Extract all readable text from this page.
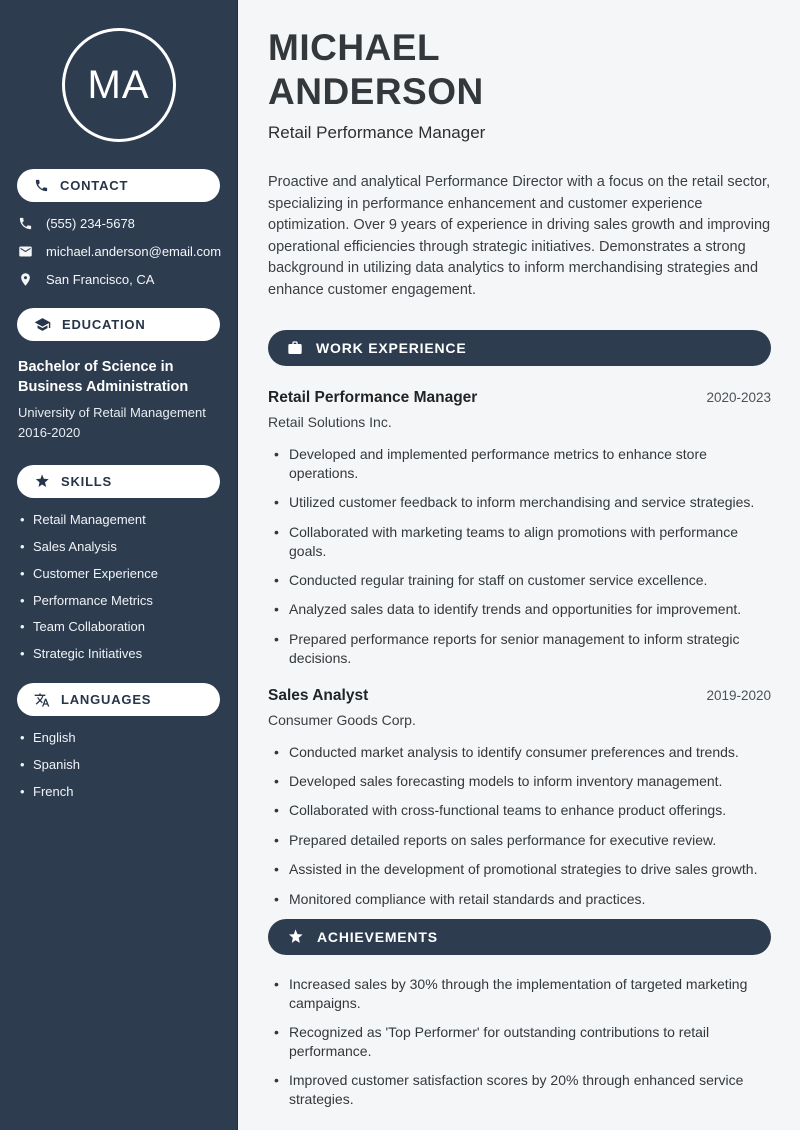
MA
CONTACT
(555) 234-5678
michael.anderson@email.com
San Francisco, CA
EDUCATION
Bachelor of Science in Business Administration
University of Retail Management
2016-2020
SKILLS
• Retail Management
• Sales Analysis
• Customer Experience
• Performance Metrics
• Team Collaboration
• Strategic Initiatives
LANGUAGES
• English
• Spanish
• French
MICHAEL
ANDERSON
Retail Performance Manager

Proactive and analytical Performance Director with a focus on the retail sector, specializing in performance enhancement and customer experience optimization. Over 9 years of experience in driving sales growth and improving operational efficiencies through strategic initiatives. Demonstrates a strong background in utilizing data analytics to inform merchandising strategies and enhance customer engagement.

WORK EXPERIENCE
Retail Performance Manager	2020-2023
Retail Solutions Inc.
• Developed and implemented performance metrics to enhance store operations.
• Utilized customer feedback to inform merchandising and service strategies.
• Collaborated with marketing teams to align promotions with performance goals.
• Conducted regular training for staff on customer service excellence.
• Analyzed sales data to identify trends and opportunities for improvement.
• Prepared performance reports for senior management to inform strategic decisions.
Sales Analyst	2019-2020
Consumer Goods Corp.
• Conducted market analysis to identify consumer preferences and trends.
• Developed sales forecasting models to inform inventory management.
• Collaborated with cross-functional teams to enhance product offerings.
• Prepared detailed reports on sales performance for executive review.
• Assisted in the development of promotional strategies to drive sales growth.
• Monitored compliance with retail standards and practices.
ACHIEVEMENTS
• Increased sales by 30% through the implementation of targeted marketing campaigns.
• Recognized as 'Top Performer' for outstanding contributions to retail performance.
• Improved customer satisfaction scores by 20% through enhanced service strategies.
